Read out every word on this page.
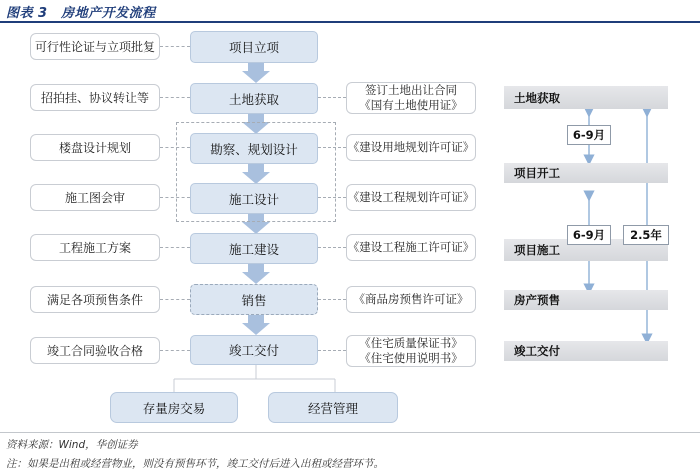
图表 3　房地产开发流程
可行性论证与立项批复
招拍挂、协议转让等
楼盘设计规划
施工图会审
工程施工方案
满足各项预售条件
竣工合同验收合格
项目立项
土地获取
勘察、规划设计
施工设计
施工建设
销售
竣工交付
签订土地出让合同
《国有土地使用证》
《建设用地规划许可证》
《建设工程规划许可证》
《建设工程施工许可证》
《商品房预售许可证》
《住宅质量保证书》
《住宅使用说明书》
存量房交易	经营管理
土地获取
项目开工
项目施工
房产预售
竣工交付
6-9月
6-9月	2.5年
资料来源：Wind，华创证券
注：如果是出租或经营物业，则没有预售环节，竣工交付后进入出租或经营环节。
